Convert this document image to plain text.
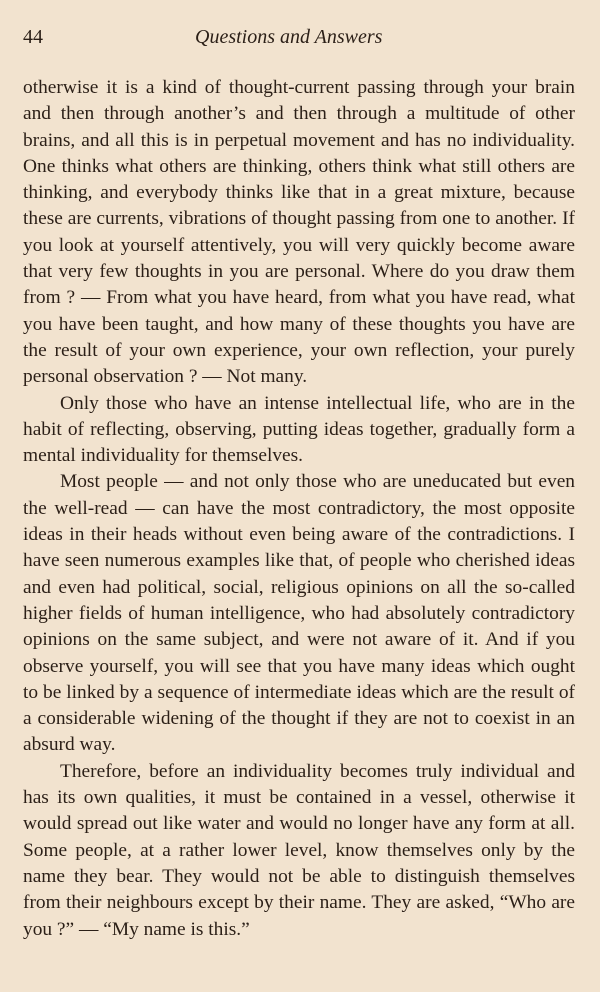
44	Questions and Answers

otherwise it is a kind of thought-current passing through your brain and then through another’s and then through a multitude of other brains, and all this is in perpetual movement and has no individuality. One thinks what others are thinking, others think what still others are thinking, and everybody thinks like that in a great mixture, because these are currents, vibrations of thought passing from one to another. If you look at yourself attentively, you will very quickly become aware that very few thoughts in you are personal. Where do you draw them from ? — From what you have heard, from what you have read, what you have been taught, and how many of these thoughts you have are the result of your own experience, your own reflection, your purely personal observation ? — Not many.

Only those who have an intense intellectual life, who are in the habit of reflecting, observing, putting ideas together, gradually form a mental individuality for themselves.

Most people — and not only those who are uneducated but even the well-read — can have the most contradictory, the most opposite ideas in their heads without even being aware of the contradictions. I have seen numerous examples like that, of people who cherished ideas and even had political, social, religious opinions on all the so-called higher fields of human intelligence, who had absolutely contradictory opinions on the same subject, and were not aware of it. And if you observe yourself, you will see that you have many ideas which ought to be linked by a sequence of intermediate ideas which are the result of a considerable widening of the thought if they are not to coexist in an absurd way.

Therefore, before an individuality becomes truly individual and has its own qualities, it must be contained in a vessel, otherwise it would spread out like water and would no longer have any form at all. Some people, at a rather lower level, know themselves only by the name they bear. They would not be able to distinguish themselves from their neighbours except by their name. They are asked, “Who are you ?” — “My name is this.”
